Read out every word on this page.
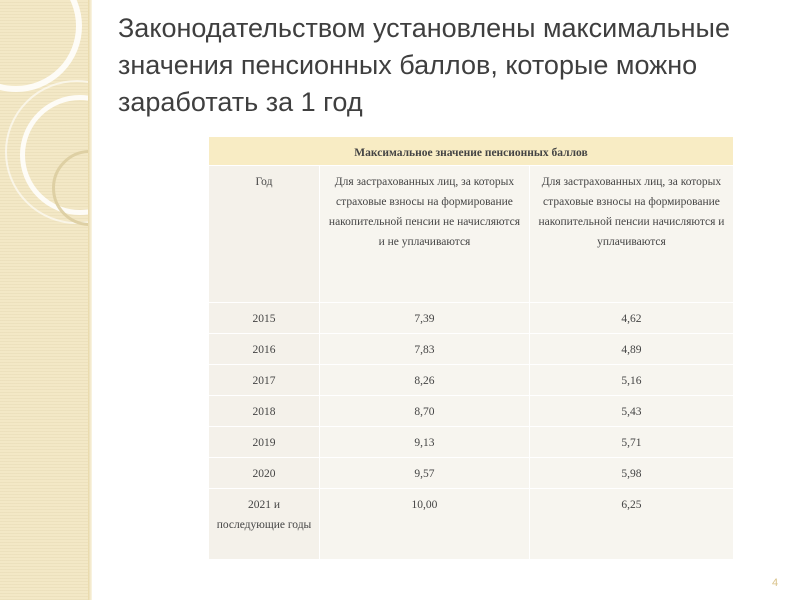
Законодательством установлены максимальные значения пенсионных баллов, которые можно заработать за 1 год
Максимальное значение пенсионных баллов		
Год	Для застрахованных лиц, за которых страховые взносы на формирование накопительной пенсии не начисляются и не уплачиваются	Для застрахованных лиц, за которых страховые взносы на формирование накопительной пенсии начисляются и уплачиваются
2015	7,39	4,62
2016	7,83	4,89
2017	8,26	5,16
2018	8,70	5,43
2019	9,13	5,71
2020	9,57	5,98
2021 и последующие годы	10,00	6,25
4
